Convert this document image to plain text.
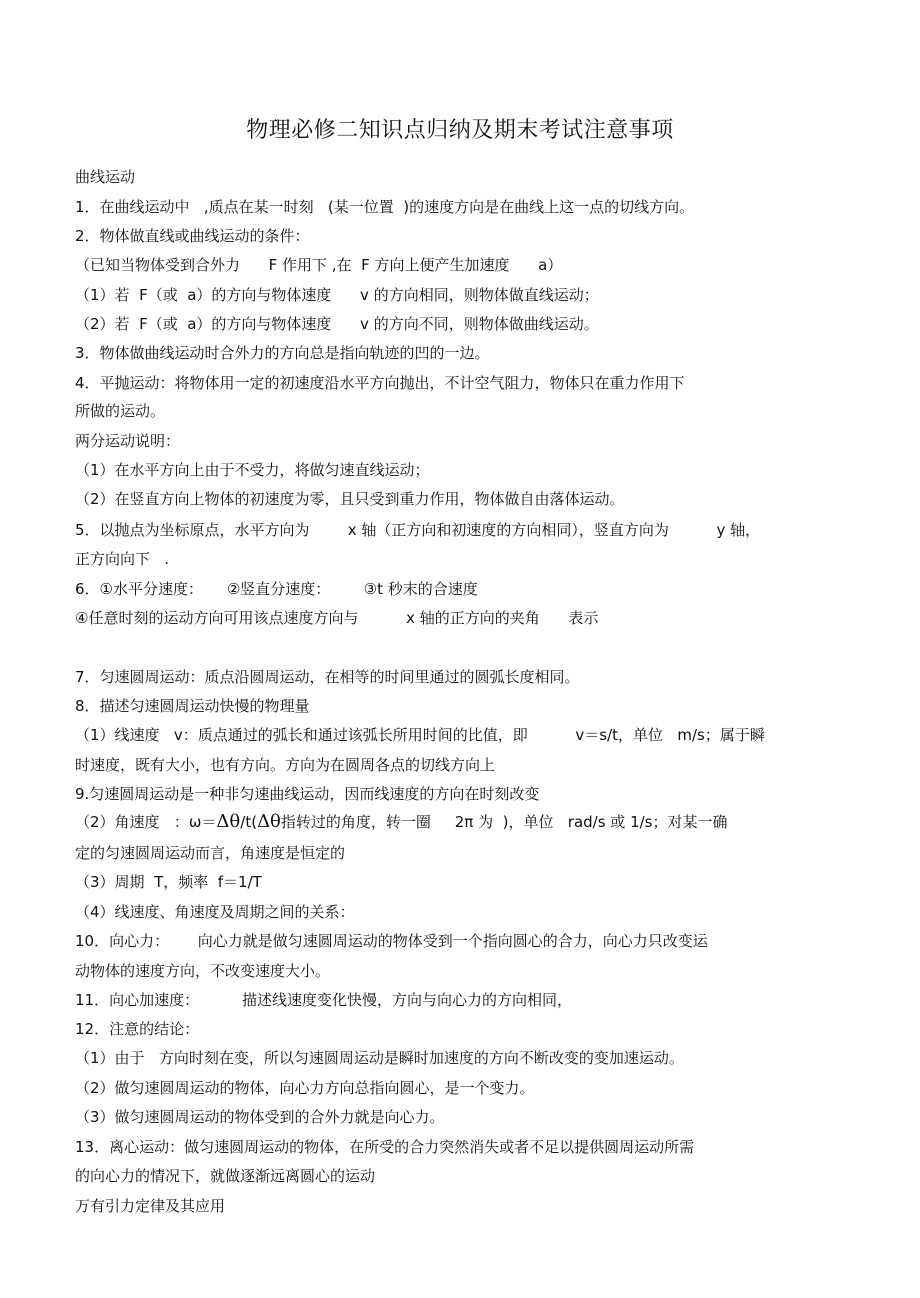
物理必修二知识点归纳及期末考试注意事项
曲线运动
1．在曲线运动中   ,质点在某一时刻   (某一位置  )的速度方向是在曲线上这一点的切线方向。
2．物体做直线或曲线运动的条件：
（已知当物体受到合外力      F 作用下 ,在  F 方向上便产生加速度      a）
（1）若  F（或  a）的方向与物体速度      v 的方向相同，则物体做直线运动；
（2）若  F（或  a）的方向与物体速度      v 的方向不同，则物体做曲线运动。
3．物体做曲线运动时合外力的方向总是指向轨迹的凹的一边。
4．平抛运动：将物体用一定的初速度沿水平方向抛出，不计空气阻力，物体只在重力作用下
所做的运动。
两分运动说明：
（1）在水平方向上由于不受力，将做匀速直线运动；
（2）在竖直方向上物体的初速度为零，且只受到重力作用，物体做自由落体运动。
5．以抛点为坐标原点，水平方向为        x 轴（正方向和初速度的方向相同），竖直方向为          y 轴，
正方向向下   .
6．①水平分速度：     ②竖直分速度：       ③t 秒末的合速度
④任意时刻的运动方向可用该点速度方向与          x 轴的正方向的夹角      表示
7．匀速圆周运动：质点沿圆周运动，在相等的时间里通过的圆弧长度相同。
8．描述匀速圆周运动快慢的物理量
（1）线速度   v：质点通过的弧长和通过该弧长所用时间的比值，即          v＝s/t，单位   m/s；属于瞬
时速度，既有大小，也有方向。方向为在圆周各点的切线方向上
9.匀速圆周运动是一种非匀速曲线运动，因而线速度的方向在时刻改变
（2）角速度   ：ω＝Δθ/t(Δθ指转过的角度，转一圈     2π 为  )，单位   rad/s 或 1/s；对某一确
定的匀速圆周运动而言，角速度是恒定的
（3）周期  T，频率  f＝1/T
（4）线速度、角速度及周期之间的关系：
10．向心力：      向心力就是做匀速圆周运动的物体受到一个指向圆心的合力，向心力只改变运
动物体的速度方向，不改变速度大小。
11．向心加速度：         描述线速度变化快慢，方向与向心力的方向相同，
12．注意的结论：
（1）由于   方向时刻在变，所以匀速圆周运动是瞬时加速度的方向不断改变的变加速运动。
（2）做匀速圆周运动的物体，向心力方向总指向圆心，是一个变力。
（3）做匀速圆周运动的物体受到的合外力就是向心力。
13．离心运动：做匀速圆周运动的物体，在所受的合力突然消失或者不足以提供圆周运动所需
的向心力的情况下，就做逐渐远离圆心的运动
万有引力定律及其应用
